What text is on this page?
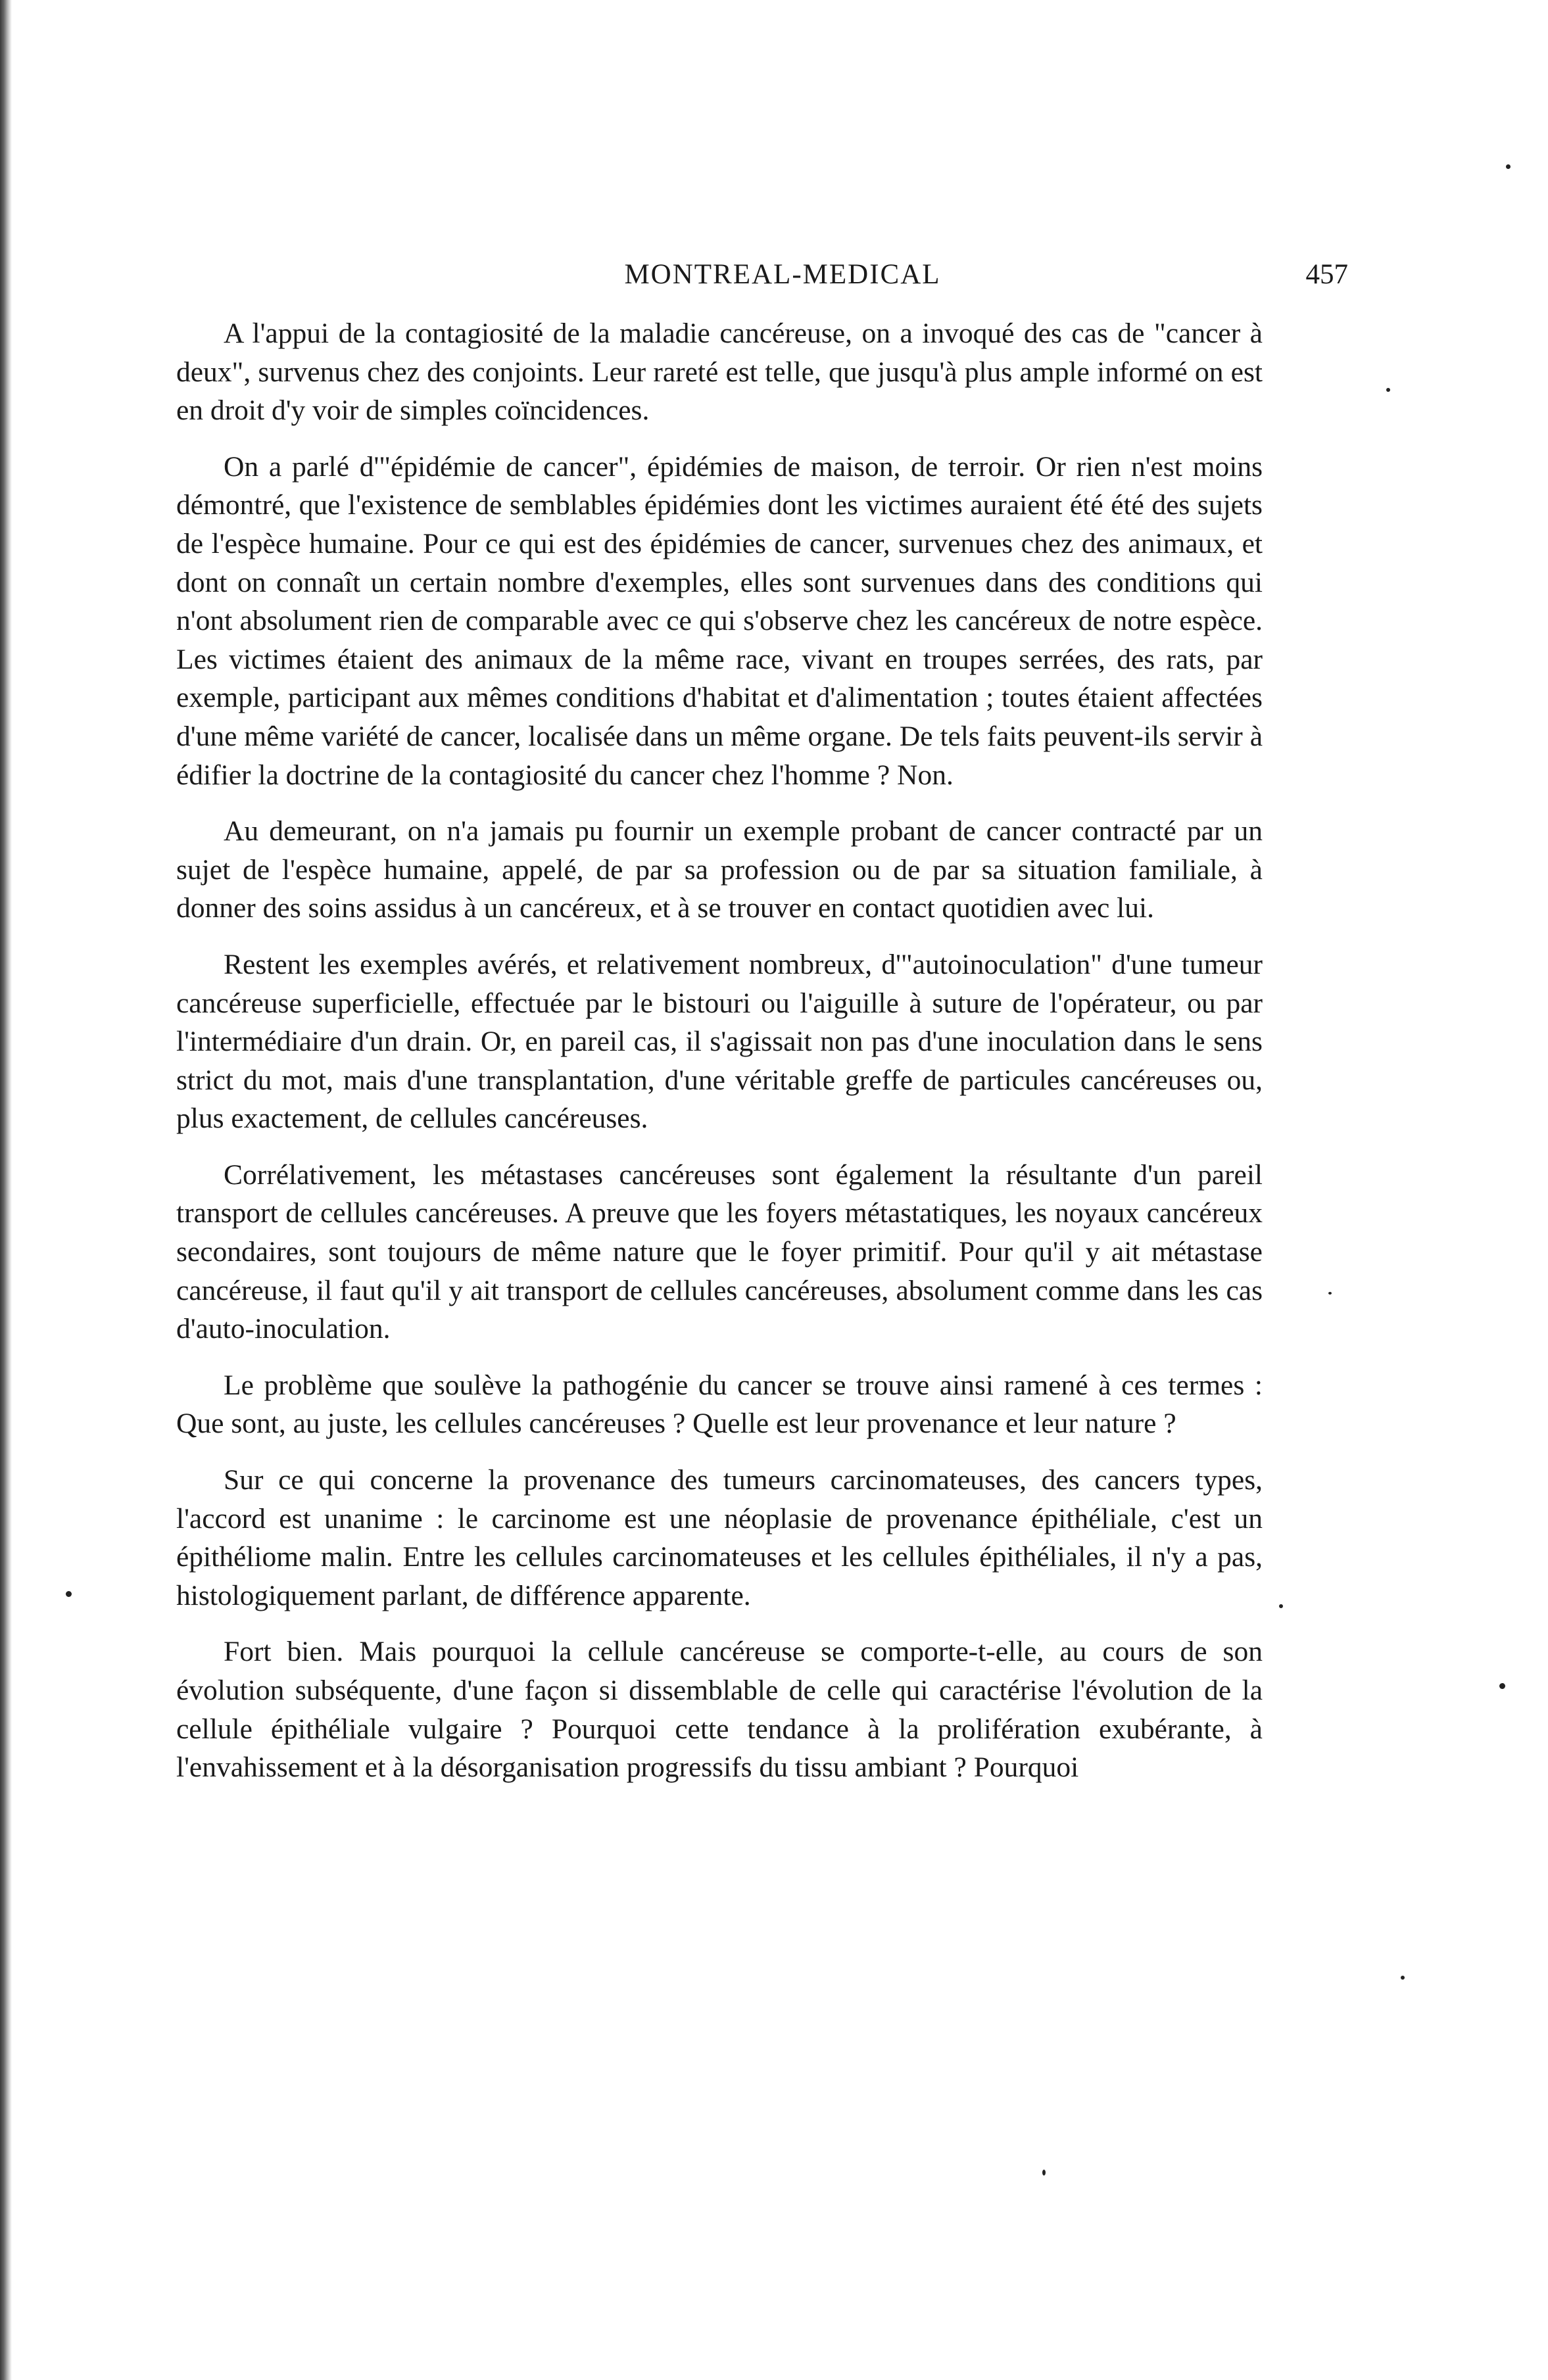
MONTREAL-MEDICAL	457

A l'appui de la contagiosité de la maladie cancéreuse, on a invoqué des cas de "cancer à deux", survenus chez des conjoints. Leur rareté est telle, que jusqu'à plus ample informé on est en droit d'y voir de simples coïncidences.

On a parlé d'"épidémie de cancer", épidémies de maison, de terroir. Or rien n'est moins démontré, que l'existence de semblables épidémies dont les victimes auraient été été des sujets de l'espèce humaine. Pour ce qui est des épidémies de cancer, survenues chez des animaux, et dont on connaît un certain nombre d'exemples, elles sont survenues dans des conditions qui n'ont absolument rien de comparable avec ce qui s'observe chez les cancéreux de notre espèce. Les victimes étaient des animaux de la même race, vivant en troupes serrées, des rats, par exemple, participant aux mêmes conditions d'habitat et d'alimentation ; toutes étaient affectées d'une même variété de cancer, localisée dans un même organe. De tels faits peuvent-ils servir à édifier la doctrine de la contagiosité du cancer chez l'homme ? Non.

Au demeurant, on n'a jamais pu fournir un exemple probant de cancer contracté par un sujet de l'espèce humaine, appelé, de par sa profession ou de par sa situation familiale, à donner des soins assidus à un cancéreux, et à se trouver en contact quotidien avec lui.

Restent les exemples avérés, et relativement nombreux, d'"autoinoculation" d'une tumeur cancéreuse superficielle, effectuée par le bistouri ou l'aiguille à suture de l'opérateur, ou par l'intermédiaire d'un drain. Or, en pareil cas, il s'agissait non pas d'une inoculation dans le sens strict du mot, mais d'une transplantation, d'une véritable greffe de particules cancéreuses ou, plus exactement, de cellules cancéreuses.

Corrélativement, les métastases cancéreuses sont également la résultante d'un pareil transport de cellules cancéreuses. A preuve que les foyers métastatiques, les noyaux cancéreux secondaires, sont toujours de même nature que le foyer primitif. Pour qu'il y ait métastase cancéreuse, il faut qu'il y ait transport de cellules cancéreuses, absolument comme dans les cas d'auto-inoculation.

Le problème que soulève la pathogénie du cancer se trouve ainsi ramené à ces termes : Que sont, au juste, les cellules cancéreuses ? Quelle est leur provenance et leur nature ?

Sur ce qui concerne la provenance des tumeurs carcinomateuses, des cancers types, l'accord est unanime : le carcinome est une néoplasie de provenance épithéliale, c'est un épithéliome malin. Entre les cellules carcinomateuses et les cellules épithéliales, il n'y a pas, histologiquement parlant, de différence apparente.

Fort bien. Mais pourquoi la cellule cancéreuse se comporte-t-elle, au cours de son évolution subséquente, d'une façon si dissemblable de celle qui caractérise l'évolution de la cellule épithéliale vulgaire ? Pourquoi cette tendance à la prolifération exubérante, à l'envahissement et à la désorganisation progressifs du tissu ambiant ? Pourquoi
